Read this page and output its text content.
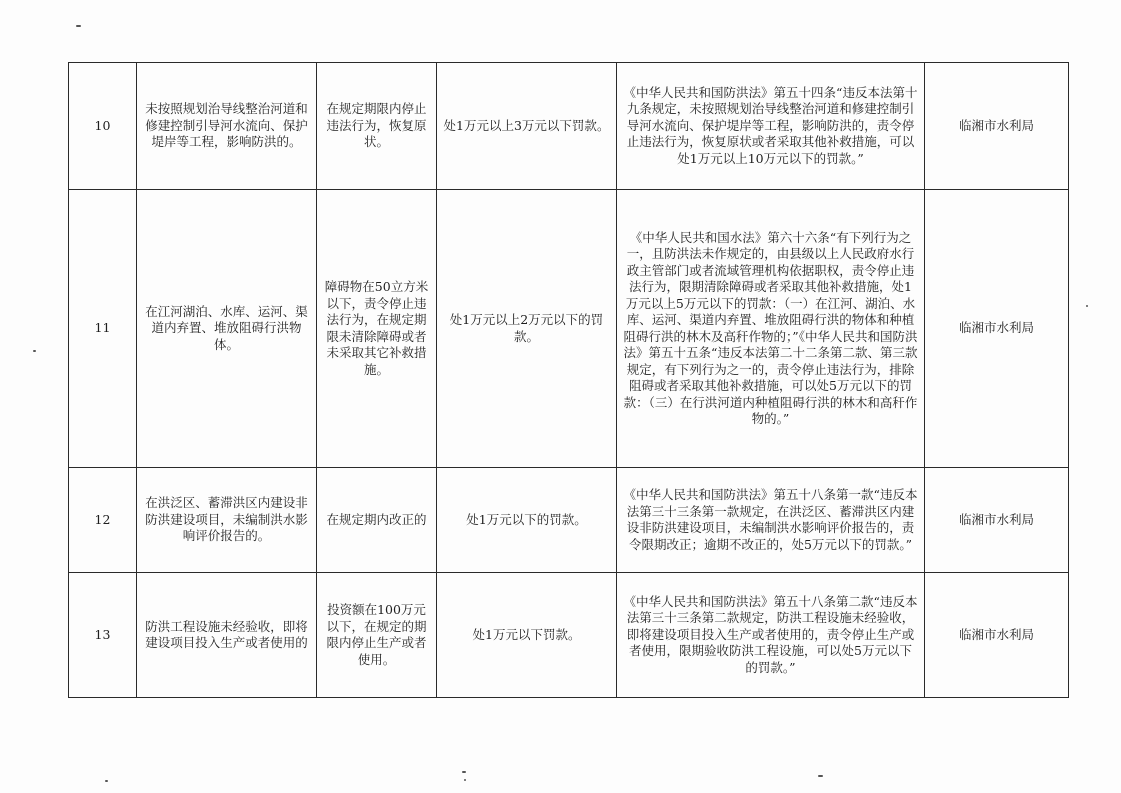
10	未按照规划治导线整治河道和修建控制引导河水流向、保护堤岸等工程，影响防洪的。	在规定期限内停止违法行为，恢复原状。	处1万元以上3万元以下罚款。	《中华人民共和国防洪法》第五十四条“违反本法第十九条规定，未按照规划治导线整治河道和修建控制引导河水流向、保护堤岸等工程，影响防洪的，责令停止违法行为，恢复原状或者采取其他补救措施，可以处1万元以上10万元以下的罚款。”	临湘市水利局
11	在江河湖泊、水库、运河、渠道内弃置、堆放阻碍行洪物体。	障碍物在50立方米以下，责令停止违法行为，在规定期限未清除障碍或者未采取其它补救措施。	处1万元以上2万元以下的罚款。	《中华人民共和国水法》第六十六条“有下列行为之一，且防洪法未作规定的，由县级以上人民政府水行政主管部门或者流域管理机构依据职权，责令停止违法行为，限期清除障碍或者采取其他补救措施，处1万元以上5万元以下的罚款：（一）在江河、湖泊、水库、运河、渠道内弃置、堆放阻碍行洪的物体和种植阻碍行洪的林木及高秆作物的；”《中华人民共和国防洪法》第五十五条“违反本法第二十二条第二款、第三款规定，有下列行为之一的，责令停止违法行为，排除阻碍或者采取其他补救措施，可以处5万元以下的罚款：（三）在行洪河道内种植阻碍行洪的林木和高秆作物的。”	临湘市水利局
12	在洪泛区、蓄滞洪区内建设非防洪建设项目，未编制洪水影响评价报告的。	在规定期内改正的	处1万元以下的罚款。	《中华人民共和国防洪法》第五十八条第一款“违反本法第三十三条第一款规定，在洪泛区、蓄滞洪区内建设非防洪建设项目，未编制洪水影响评价报告的，责令限期改正；逾期不改正的，处5万元以下的罚款。”	临湘市水利局
13	防洪工程设施未经验收，即将建设项目投入生产或者使用的	投资额在100万元以下，在规定的期限内停止生产或者使用。	处1万元以下罚款。	《中华人民共和国防洪法》第五十八条第二款“违反本法第三十三条第二款规定，防洪工程设施未经验收，即将建设项目投入生产或者使用的，责令停止生产或者使用，限期验收防洪工程设施，可以处5万元以下的罚款。”	临湘市水利局
